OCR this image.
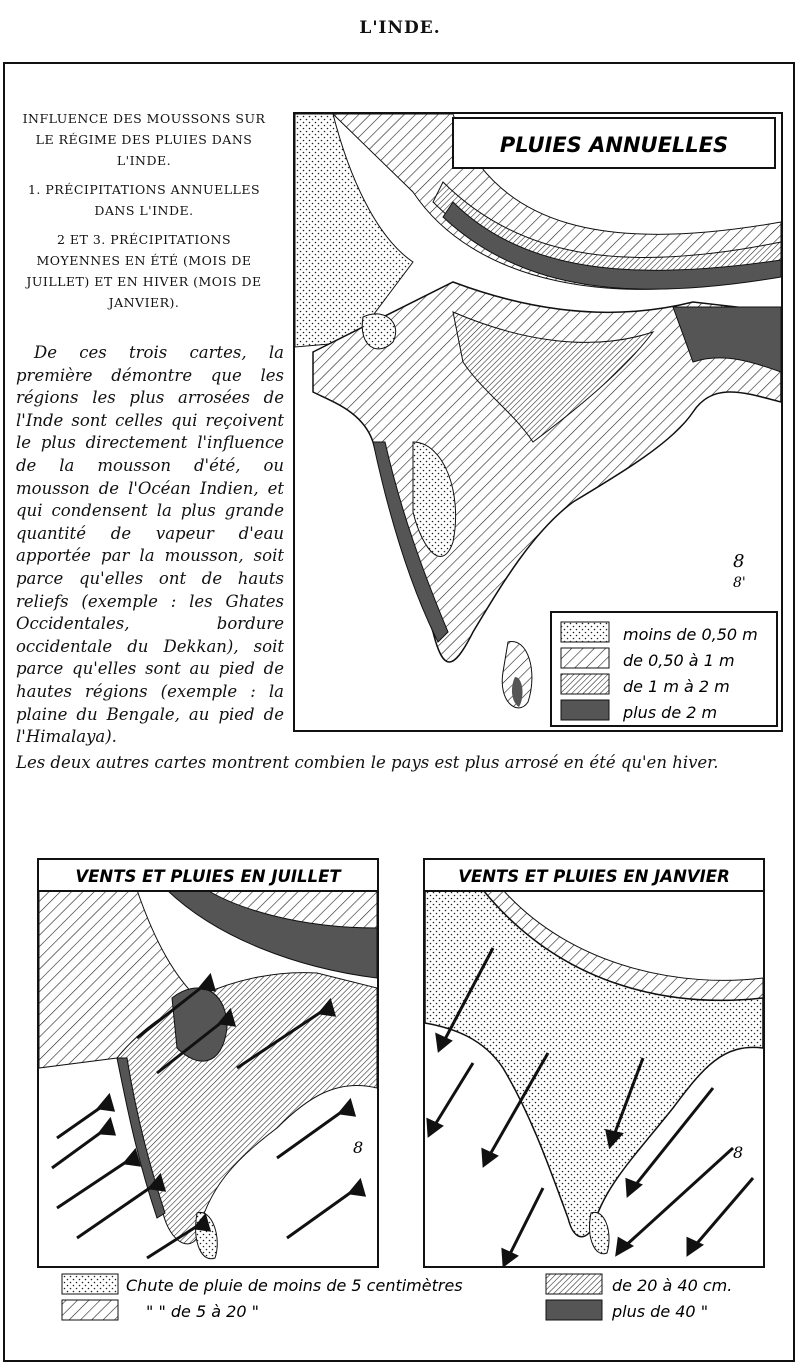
L'INDE.

INFLUENCE DES MOUSSONS SUR LE RÉGIME DES PLUIES DANS L'INDE.

1. PRÉCIPITATIONS ANNUELLES DANS L'INDE.

2 ET 3. PRÉCIPITATIONS MOYENNES EN ÉTÉ (MOIS DE JUILLET) ET EN HIVER (MOIS DE JANVIER).

De ces trois cartes, la première démontre que les régions les plus arrosées de l'Inde sont celles qui reçoivent le plus directement l'influence de la mousson d'été, ou mousson de l'Océan Indien, et qui condensent la plus grande quantité de vapeur d'eau apportée par la mousson, soit parce qu'elles ont de hauts reliefs (exemple : les Ghates Occidentales, bordure occidentale du Dekkan), soit parce qu'elles sont au pied de hautes régions (exemple : la plaine du Bengale, au pied de l'Himalaya).
Les deux autres cartes montrent combien le pays est plus arrosé en été qu'en hiver.
8
8'
PLUIES ANNUELLES
moins de 0,50 m
de 0,50 à 1 m
de 1 m à 2 m
plus de 2 m
8
VENTS ET PLUIES EN JUILLET
8
VENTS ET PLUIES EN JANVIER
Chute de pluie de moins de 5 centimètres
" " de 5 à 20 "
de 20 à 40 cm.
plus de 40 "
